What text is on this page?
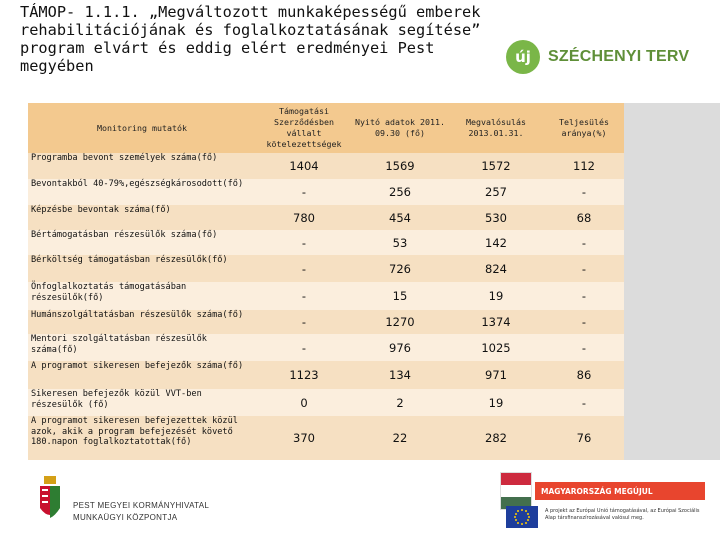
TÁMOP- 1.1.1. „Megváltozott munkaképességű emberek rehabilitációjának és foglalkoztatásának segítése” program elvárt és eddig elért eredményei Pest megyében	új	SZÉCHENYI TERV
Monitoring mutatók	Támogatási Szerződésben vállalt kötelezettségek	Nyitó adatok 2011. 09.30 (fő)	Megvalósulás 2013.01.31.	Teljesülés aránya(%)
Programba bevont személyek száma(fő)	1404	1569	1572	112
Bevontakból 40-79%,egészségkárosodott(fő)	-	256	257	-
Képzésbe bevontak száma(fő)	780	454	530	68
Bértámogatásban részesülők száma(fő)	-	53	142	-
Bérköltség támogatásban részesülők(fő)	-	726	824	-
Önfoglalkoztatás támogatásában részesülők(fő)	-	15	19	-
Humánszolgáltatásban részesülők száma(fő)	-	1270	1374	-
Mentori szolgáltatásban részesülők száma(fő)	-	976	1025	-
A programot sikeresen befejezők száma(fő)	1123	134	971	86
Sikeresen befejezők közül VVT-ben részesülők (fő)	0	2	19	-
A programot sikeresen befejezettek közül azok, akik a program befejezését követő 180.napon foglalkoztatottak(fő)	370	22	282	76
PEST MEGYEI KORMÁNYHIVATAL
MUNKAÜGYI KÖZPONTJA
MAGYARORSZÁG MEGÚJUL
A projekt az Európai Unió támogatásával, az Európai Szociális Alap társfinanszírozásával valósul meg.
